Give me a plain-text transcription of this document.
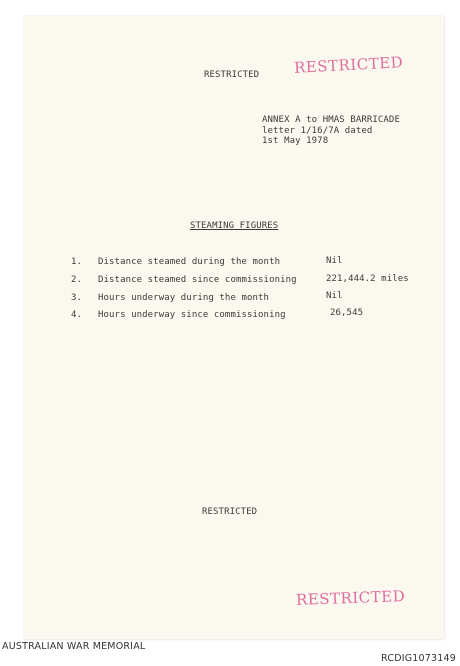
RESTRICTED RESTRICTED
ANNEX A to HMAS BARRICADE
letter 1/16/7A dated
1st May 1978
STEAMING FIGURES
1. Distance steamed during the month	Nil
2. Distance steamed since commissioning	221,444.2 miles
3. Hours underway during the month	Nil
4. Hours underway since commissioning	26,545
RESTRICTED
RESTRICTED
AUSTRALIAN WAR MEMORIAL
RCDIG1073149
